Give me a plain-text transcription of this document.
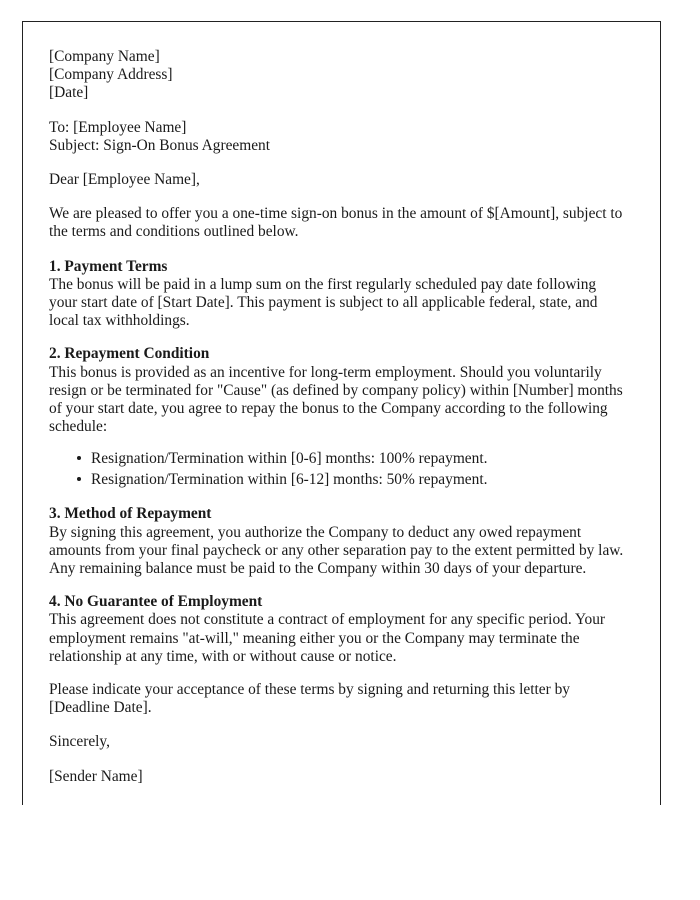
[Company Name]
[Company Address]
[Date]
To: [Employee Name]
Subject: Sign-On Bonus Agreement
Dear [Employee Name],

We are pleased to offer you a one-time sign-on bonus in the amount of $[Amount], subject to the terms and conditions outlined below.

1. Payment Terms

The bonus will be paid in a lump sum on the first regularly scheduled pay date following your start date of [Start Date]. This payment is subject to all applicable federal, state, and local tax withholdings.

2. Repayment Condition

This bonus is provided as an incentive for long-term employment. Should you voluntarily resign or be terminated for "Cause" (as defined by company policy) within [Number] months of your start date, you agree to repay the bonus to the Company according to the following schedule:

Resignation/Termination within [0-6] months: 100% repayment.
Resignation/Termination within [6-12] months: 50% repayment.
3. Method of Repayment

By signing this agreement, you authorize the Company to deduct any owed repayment amounts from your final paycheck or any other separation pay to the extent permitted by law. Any remaining balance must be paid to the Company within 30 days of your departure.

4. No Guarantee of Employment

This agreement does not constitute a contract of employment for any specific period. Your employment remains "at-will," meaning either you or the Company may terminate the relationship at any time, with or without cause or notice.

Please indicate your acceptance of these terms by signing and returning this letter by [Deadline Date].

Sincerely,
[Sender Name]
